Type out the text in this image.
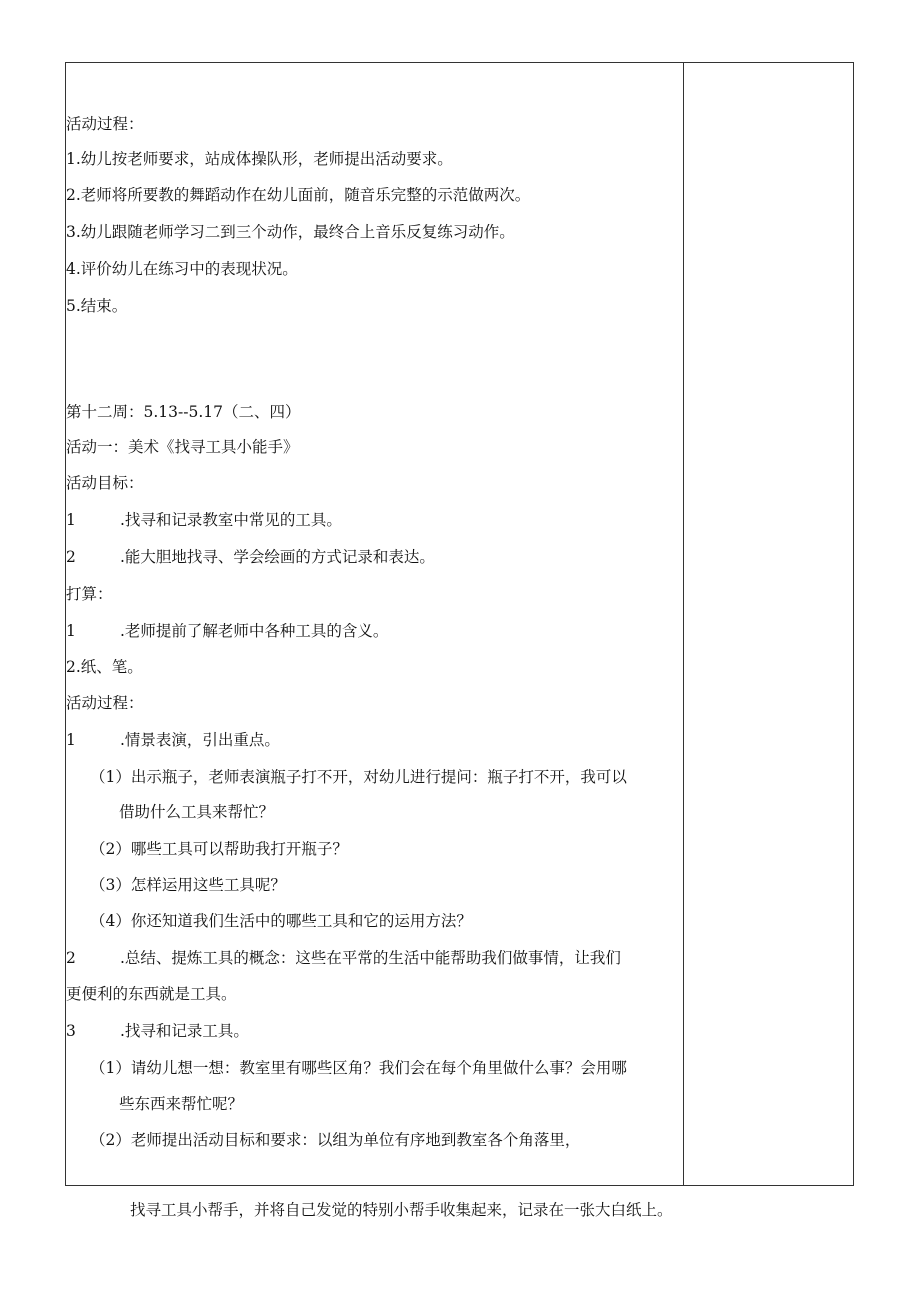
活动过程：
1.幼儿按老师要求，站成体操队形，老师提出活动要求。
2.老师将所要教的舞蹈动作在幼儿面前，随音乐完整的示范做两次。
3.幼儿跟随老师学习二到三个动作，最终合上音乐反复练习动作。
4.评价幼儿在练习中的表现状况。
5.结束。
第十二周：5.13--5.17（二、四）
活动一：美术《找寻工具小能手》
活动目标：
1	.找寻和记录教室中常见的工具。
2	.能大胆地找寻、学会绘画的方式记录和表达。
打算：
1	.老师提前了解老师中各种工具的含义。
2.纸、笔。
活动过程：
1	.情景表演，引出重点。
（1）出示瓶子，老师表演瓶子打不开，对幼儿进行提问：瓶子打不开，我可以
借助什么工具来帮忙？
（2）哪些工具可以帮助我打开瓶子？
（3）怎样运用这些工具呢？
（4）你还知道我们生活中的哪些工具和它的运用方法？
2	.总结、提炼工具的概念：这些在平常的生活中能帮助我们做事情，让我们
更便利的东西就是工具。
3	.找寻和记录工具。
（1）请幼儿想一想：教室里有哪些区角？我们会在每个角里做什么事？会用哪
些东西来帮忙呢？
（2）老师提出活动目标和要求：以组为单位有序地到教室各个角落里，
找寻工具小帮手，并将自己发觉的特别小帮手收集起来，记录在一张大白纸上。
